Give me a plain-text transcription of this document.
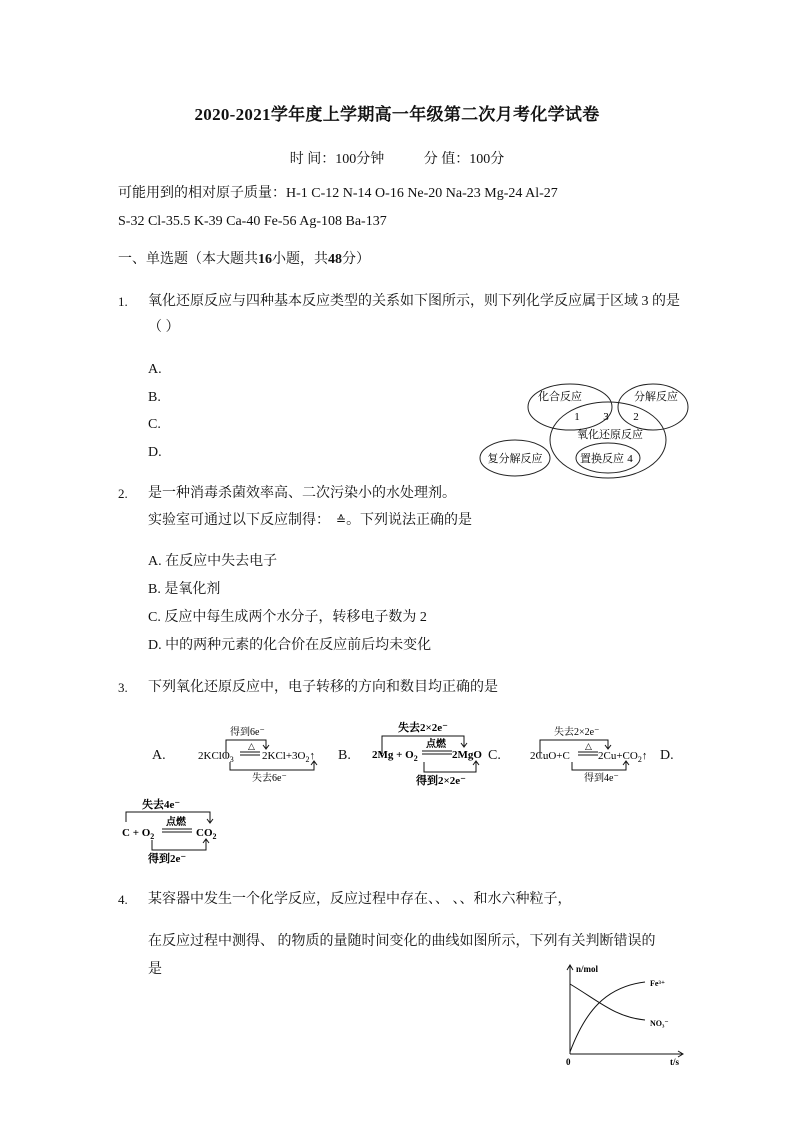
2020-2021学年度上学期高一年级第二次月考化学试卷
时 间：100分钟	分 值：100分
可能用到的相对原子质量：H-1 C-12 N-14 O-16 Ne-20 Na-23 Mg-24 Al-27
S-32 Cl-35.5 K-39 Ca-40 Fe-56 Ag-108 Ba-137
一、单选题（本大题共16小题，共48分）
1. 氧化还原反应与四种基本反应类型的关系如下图所示，则下列化学反应属于区域 3 的是
（ ）
A.
B.
C.
D.
化合反应	分解反应
1 3 2
氧化还原反应
复分解反应	置换反应 4
2. 是一种消毒杀菌效率高、二次污染小的水处理剂。
实验室可通过以下反应制得： ≙。下列说法正确的是
A. 在反应中失去电子
B. 是氧化剂
C. 反应中每生成两个水分子，转移电子数为 2
D. 中的两种元素的化合价在反应前后均未变化
3. 下列氧化还原反应中，电子转移的方向和数目均正确的是
A.	B.	C.	D.
得到6e⁻
2KClO$_3$
△
$2KCl+3O_2↑$
失去6e⁻
失去2×2e⁻
$2Mg + O_2$
点燃
2MgO
得到2×2e⁻
失去2×2e⁻
2CuO+C
△
$2Cu+CO_2↑$
得到4e⁻
失去4e⁻
$C + O_2$
点燃
$CO_2$
得到2e⁻
4. 某容器中发生一个化学反应，反应过程中存在、、 、、和水六种粒子，
在反应过程中测得、 的物质的量随时间变化的曲线如图所示，下列有关判断错误的
是	n/mol
t/s
0
Fe³⁺
NO₃⁻
